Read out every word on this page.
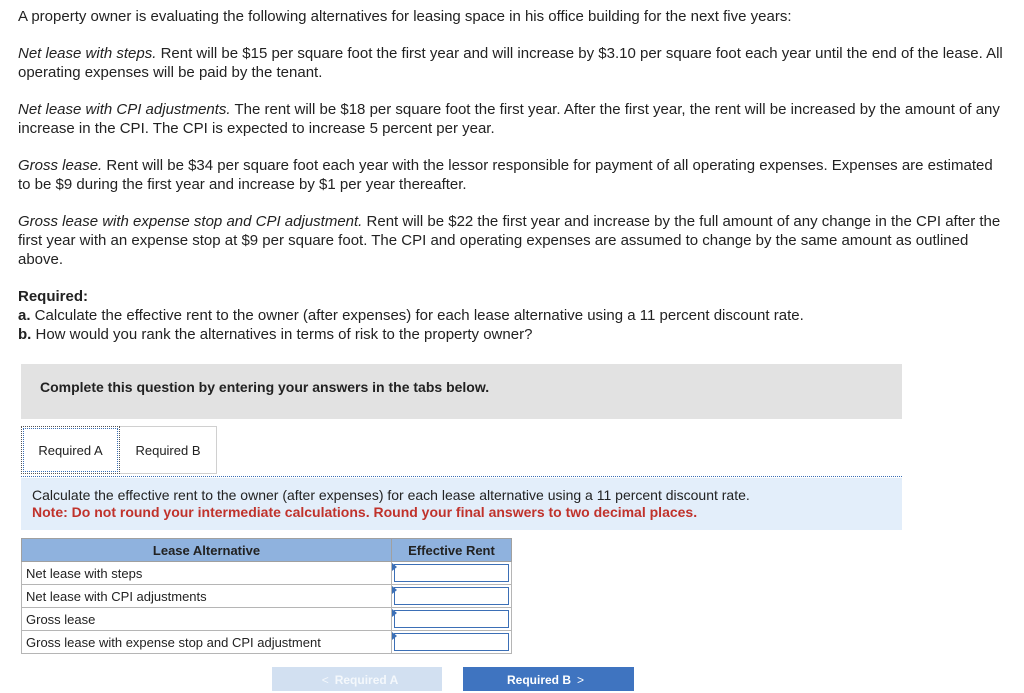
A property owner is evaluating the following alternatives for leasing space in his office building for the next five years:

Net lease with steps. Rent will be $15 per square foot the first year and will increase by $3.10 per square foot each year until the end of the lease. All operating expenses will be paid by the tenant.

Net lease with CPI adjustments. The rent will be $18 per square foot the first year. After the first year, the rent will be increased by the amount of any increase in the CPI. The CPI is expected to increase 5 percent per year.

Gross lease. Rent will be $34 per square foot each year with the lessor responsible for payment of all operating expenses. Expenses are estimated to be $9 during the first year and increase by $1 per year thereafter.

Gross lease with expense stop and CPI adjustment. Rent will be $22 the first year and increase by the full amount of any change in the CPI after the first year with an expense stop at $9 per square foot. The CPI and operating expenses are assumed to change by the same amount as outlined above.

Required:

a. Calculate the effective rent to the owner (after expenses) for each lease alternative using a 11 percent discount rate.

b. How would you rank the alternatives in terms of risk to the property owner?

Complete this question by entering your answers in the tabs below.
Required A	Required B
Calculate the effective rent to the owner (after expenses) for each lease alternative using a 11 percent discount rate.
Note: Do not round your intermediate calculations. Round your final answers to two decimal places.
Lease Alternative	Effective Rent
Net lease with steps	

Net lease with CPI adjustments	

Gross lease	

Gross lease with expense stop and CPI adjustment	
< Required A	Required B >
